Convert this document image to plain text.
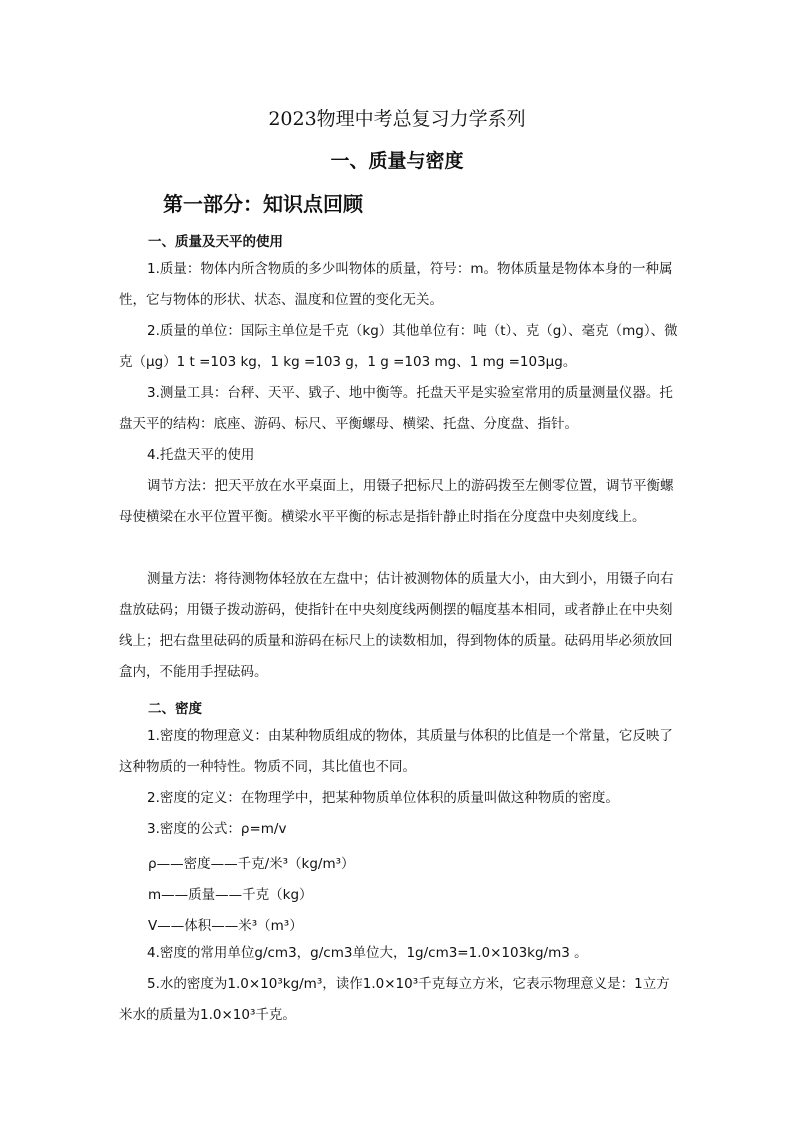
2023物理中考总复习力学系列
一、质量与密度
第一部分：知识点回顾
一、质量及天平的使用
1.质量：物体内所含物质的多少叫物体的质量，符号：m。物体质量是物体本身的一种属性，它与物体的形状、状态、温度和位置的变化无关。
2.质量的单位：国际主单位是千克（kg）其他单位有：吨（t）、克（g）、毫克（mg）、微克（μg）1 t =103 kg，1 kg =103 g，1 g =103 mg、1 mg =103μg。
3.测量工具：台秤、天平、戥子、地中衡等。托盘天平是实验室常用的质量测量仪器。托盘天平的结构：底座、游码、标尺、平衡螺母、横梁、托盘、分度盘、指针。
4.托盘天平的使用
调节方法：把天平放在水平桌面上，用镊子把标尺上的游码拨至左侧零位置，调节平衡螺母使横梁在水平位置平衡。横梁水平平衡的标志是指针静止时指在分度盘中央刻度线上。
测量方法：将待测物体轻放在左盘中；估计被测物体的质量大小，由大到小，用镊子向右盘放砝码；用镊子拨动游码，使指针在中央刻度线两侧摆的幅度基本相同，或者静止在中央刻线上；把右盘里砝码的质量和游码在标尺上的读数相加，得到物体的质量。砝码用毕必须放回盒内，不能用手捏砝码。
二、密度
1.密度的物理意义：由某种物质组成的物体，其质量与体积的比值是一个常量，它反映了这种物质的一种特性。物质不同，其比值也不同。
2.密度的定义：在物理学中，把某种物质单位体积的质量叫做这种物质的密度。
3.密度的公式：ρ=m/v
ρ——密度——千克/米³（kg/m³）
m——质量——千克（kg）
V——体积——米³（m³）
4.密度的常用单位g/cm3，g/cm3单位大，1g/cm3=1.0×103kg/m3 。
5.水的密度为1.0×10³kg/m³，读作1.0×10³千克每立方米，它表示物理意义是：1立方米水的质量为1.0×10³千克。
